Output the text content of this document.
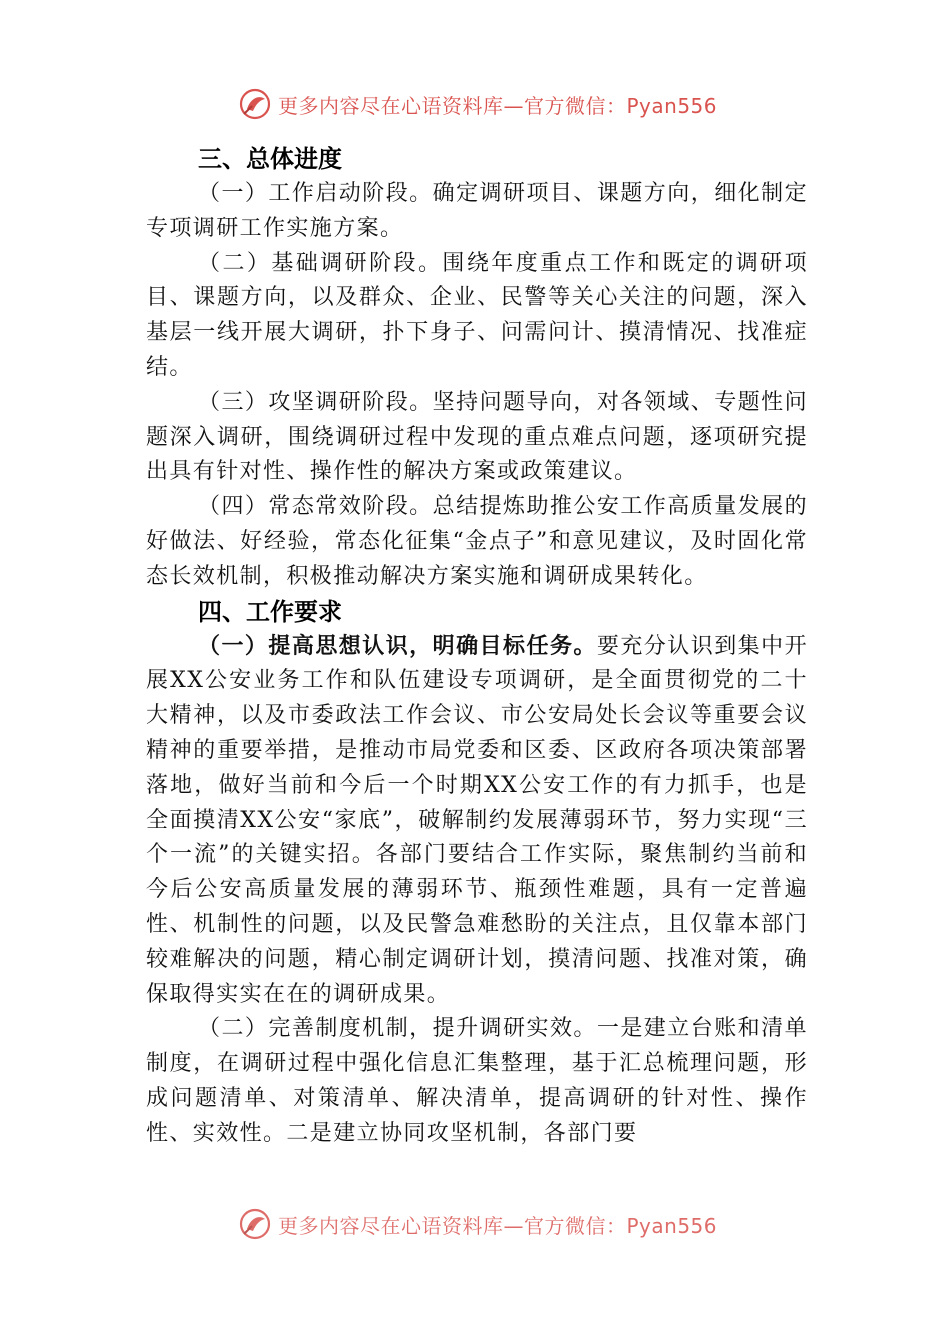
更多内容尽在心语资料库—官方微信：Pyan556
三、总体进度

（一）工作启动阶段。确定调研项目、课题方向，细化制定专项调研工作实施方案。

（二）基础调研阶段。围绕年度重点工作和既定的调研项目、课题方向，以及群众、企业、民警等关心关注的问题，深入基层一线开展大调研，扑下身子、问需问计、摸清情况、找准症结。

（三）攻坚调研阶段。坚持问题导向，对各领域、专题性问题深入调研，围绕调研过程中发现的重点难点问题，逐项研究提出具有针对性、操作性的解决方案或政策建议。

（四）常态常效阶段。总结提炼助推公安工作高质量发展的好做法、好经验，常态化征集“金点子”和意见建议，及时固化常态长效机制，积极推动解决方案实施和调研成果转化。

四、工作要求

（一）提高思想认识，明确目标任务。要充分认识到集中开展XX公安业务工作和队伍建设专项调研，是全面贯彻党的二十大精神，以及市委政法工作会议、市公安局处长会议等重要会议精神的重要举措，是推动市局党委和区委、区政府各项决策部署落地，做好当前和今后一个时期XX公安工作的有力抓手，也是全面摸清XX公安“家底”，破解制约发展薄弱环节，努力实现“三个一流”的关键实招。各部门要结合工作实际，聚焦制约当前和今后公安高质量发展的薄弱环节、瓶颈性难题，具有一定普遍性、机制性的问题，以及民警急难愁盼的关注点，且仅靠本部门较难解决的问题，精心制定调研计划，摸清问题、找准对策，确保取得实实在在的调研成果。

（二）完善制度机制，提升调研实效。一是建立台账和清单制度，在调研过程中强化信息汇集整理，基于汇总梳理问题，形成问题清单、对策清单、解决清单，提高调研的针对性、操作性、实效性。二是建立协同攻坚机制，各部门要

更多内容尽在心语资料库—官方微信：Pyan556
